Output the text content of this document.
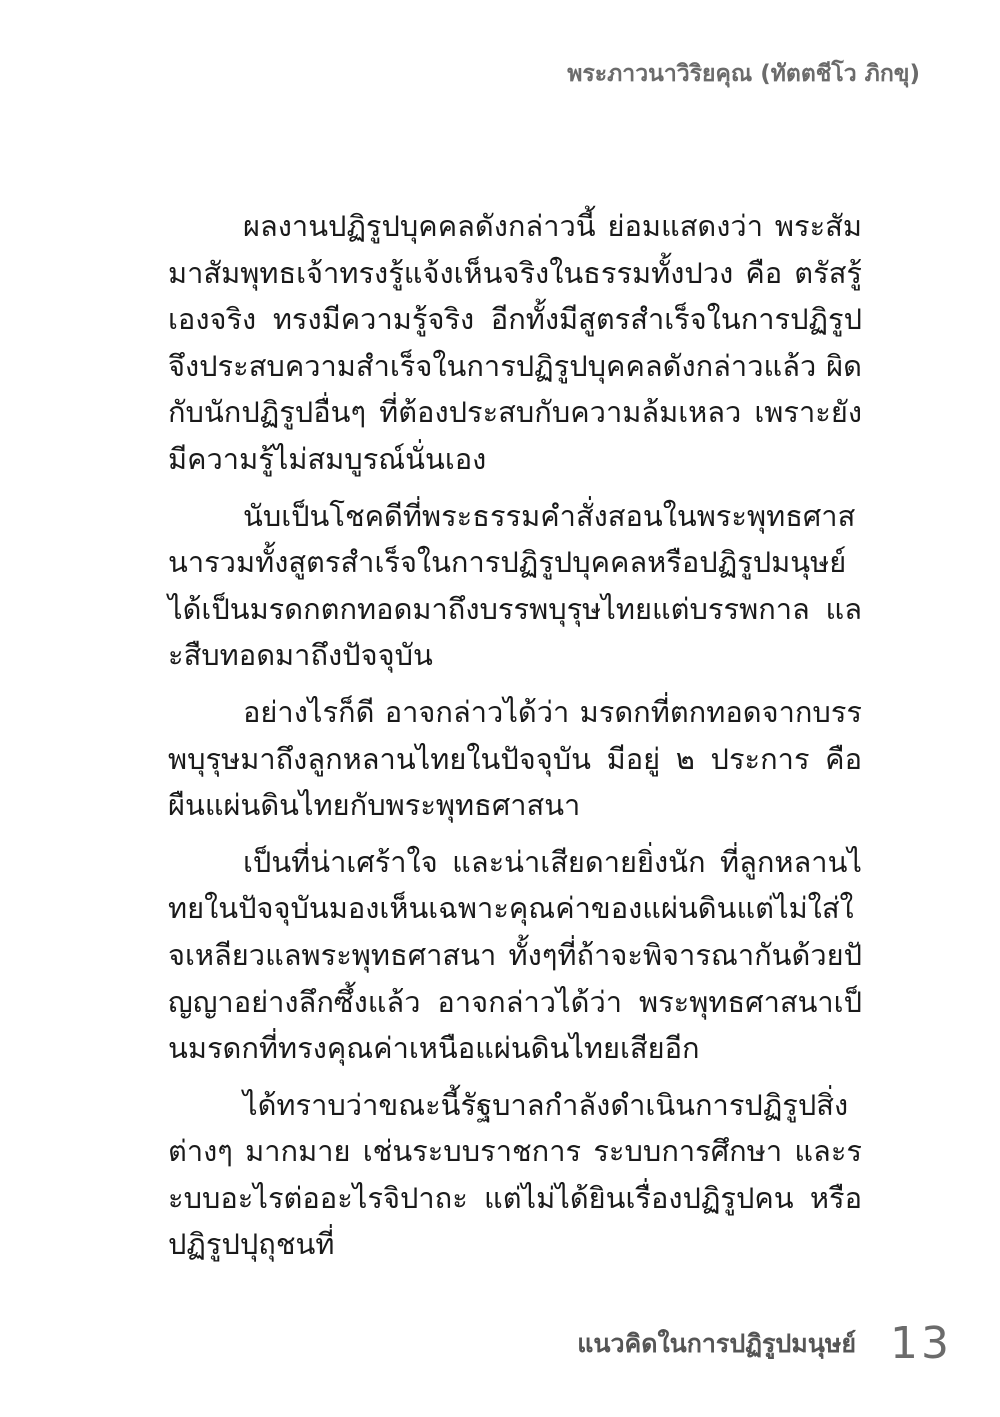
พระภาวนาวิริยคุณ (ทัตตชีโว ภิกขุ)

ผลงานปฏิรูปบุคคลดังกล่าวนี้ ย่อมแสดงว่า พระสัมมาสัมพุทธเจ้าทรงรู้แจ้งเห็นจริงในธรรมทั้งปวง คือ ตรัสรู้เองจริง ทรงมีความรู้จริง อีกทั้งมีสูตรสำเร็จในการปฏิรูป จึงประสบความสำเร็จในการปฏิรูปบุคคลดังกล่าวแล้ว ผิดกับนักปฏิรูปอื่นๆ ที่ต้องประสบกับความล้มเหลว เพราะยังมีความรู้ไม่สมบูรณ์นั่นเอง

นับเป็นโชคดีที่พระธรรมคำสั่งสอนในพระพุทธศาสนารวมทั้งสูตรสำเร็จในการปฏิรูปบุคคลหรือปฏิรูปมนุษย์ ได้เป็นมรดกตกทอดมาถึงบรรพบุรุษไทยแต่บรรพกาล และสืบทอดมาถึงปัจจุบัน

อย่างไรก็ดี อาจกล่าวได้ว่า มรดกที่ตกทอดจากบรรพบุรุษมาถึงลูกหลานไทยในปัจจุบัน มีอยู่ ๒ ประการ คือ ผืนแผ่นดินไทยกับพระพุทธศาสนา

เป็นที่น่าเศร้าใจ และน่าเสียดายยิ่งนัก ที่ลูกหลานไทยในปัจจุบันมองเห็นเฉพาะคุณค่าของแผ่นดินแต่ไม่ใส่ใจเหลียวแลพระพุทธศาสนา ทั้งๆที่ถ้าจะพิจารณากันด้วยปัญญาอย่างลึกซึ้งแล้ว อาจกล่าวได้ว่า พระพุทธศาสนาเป็นมรดกที่ทรงคุณค่าเหนือแผ่นดินไทยเสียอีก

ได้ทราบว่าขณะนี้รัฐบาลกำลังดำเนินการปฏิรูปสิ่งต่างๆ มากมาย เช่นระบบราชการ ระบบการศึกษา และระบบอะไรต่ออะไรจิปาถะ แต่ไม่ได้ยินเรื่องปฏิรูปคน หรือปฏิรูปปุถุชนที่

แนวคิดในการปฏิรูปมนุษย์ 13
